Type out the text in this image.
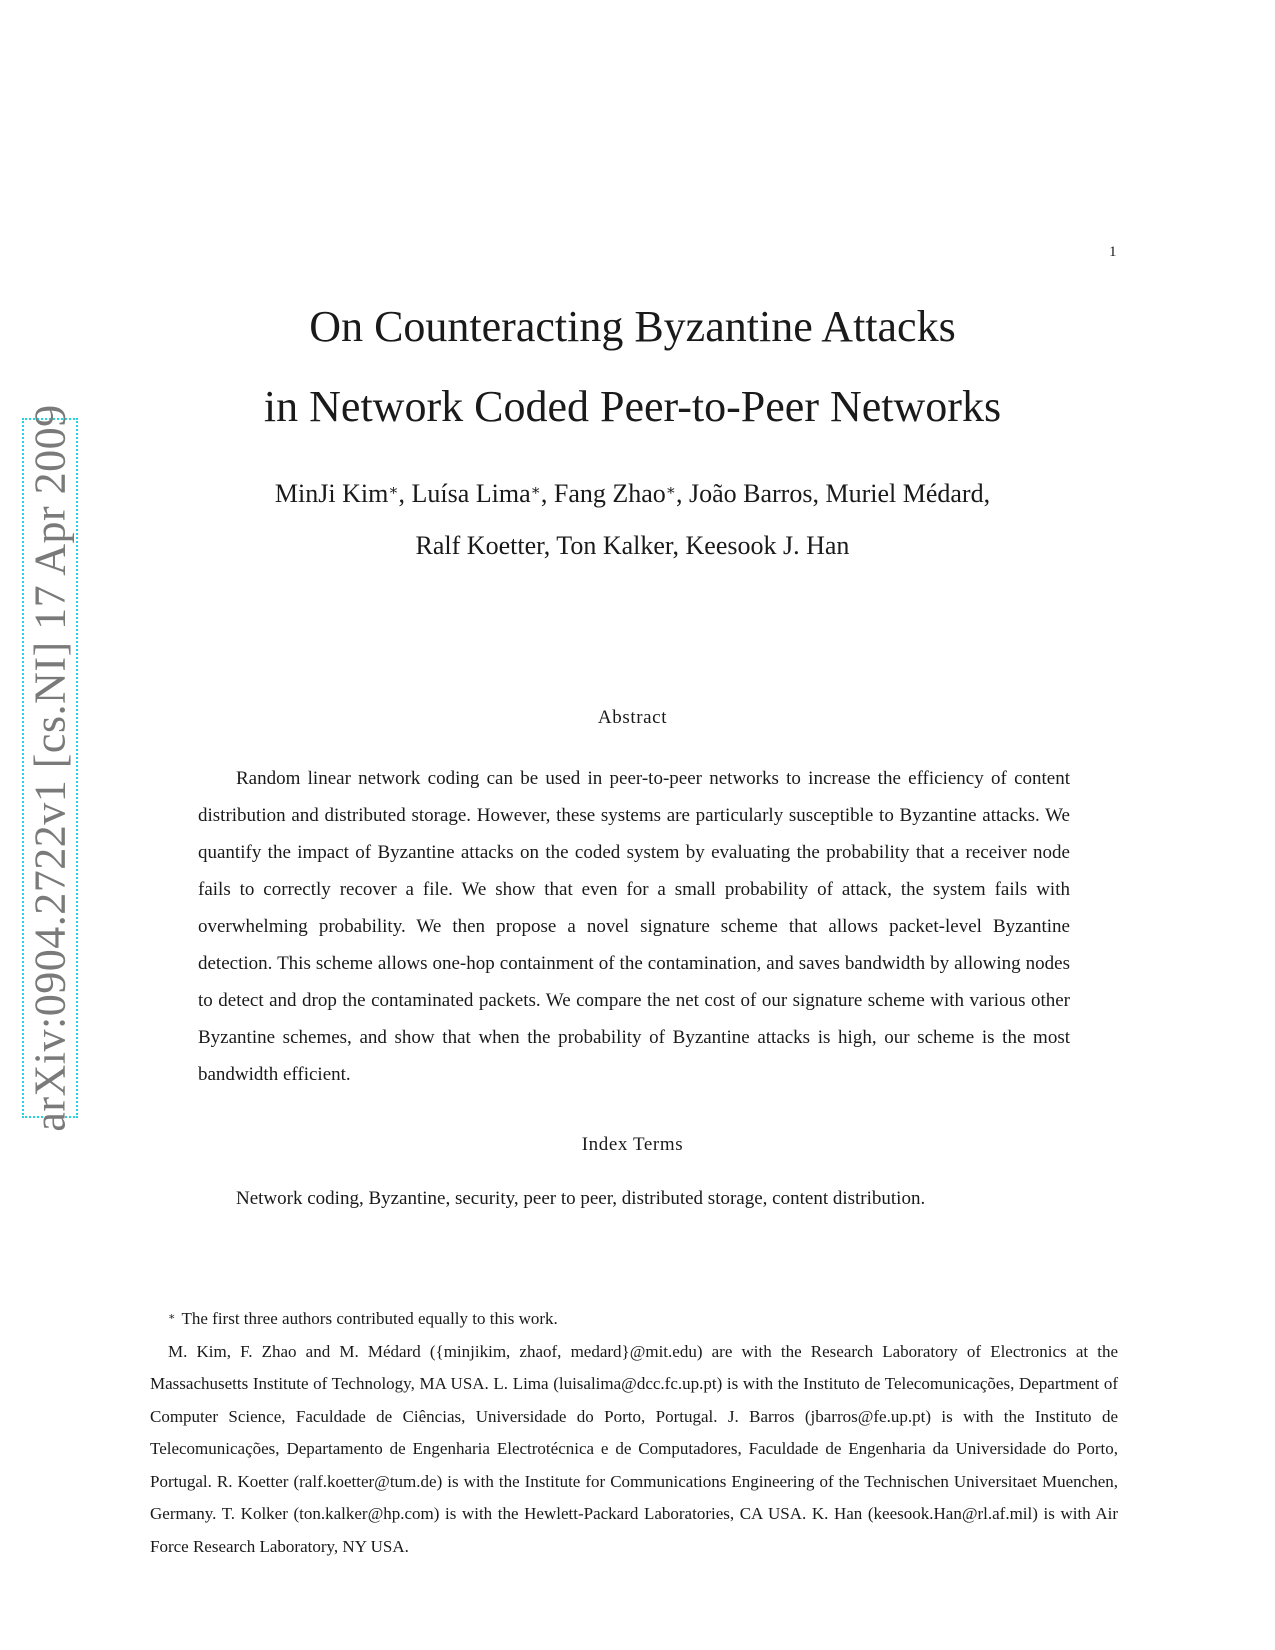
1
arXiv:0904.2722v1 [cs.NI] 17 Apr 2009
On Counteracting Byzantine Attacks
in Network Coded Peer-to-Peer Networks
MinJi Kim∗, Luísa Lima∗, Fang Zhao∗, João Barros, Muriel Médard,
Ralf Koetter, Ton Kalker, Keesook J. Han
Abstract

Random linear network coding can be used in peer-to-peer networks to increase the efficiency of content distribution and distributed storage. However, these systems are particularly susceptible to Byzantine attacks. We quantify the impact of Byzantine attacks on the coded system by evaluating the probability that a receiver node fails to correctly recover a file. We show that even for a small probability of attack, the system fails with overwhelming probability. We then propose a novel signature scheme that allows packet-level Byzantine detection. This scheme allows one-hop containment of the contamination, and saves bandwidth by allowing nodes to detect and drop the contaminated packets. We compare the net cost of our signature scheme with various other Byzantine schemes, and show that when the probability of Byzantine attacks is high, our scheme is the most bandwidth efficient.

Index Terms
Network coding, Byzantine, security, peer to peer, distributed storage, content distribution.

∗ The first three authors contributed equally to this work.

M. Kim, F. Zhao and M. Médard ({minjikim, zhaof, medard}@mit.edu) are with the Research Laboratory of Electronics at the Massachusetts Institute of Technology, MA USA. L. Lima (luisalima@dcc.fc.up.pt) is with the Instituto de Telecomunicações, Department of Computer Science, Faculdade de Ciências, Universidade do Porto, Portugal. J. Barros (jbarros@fe.up.pt) is with the Instituto de Telecomunicações, Departamento de Engenharia Electrotécnica e de Computadores, Faculdade de Engenharia da Universidade do Porto, Portugal. R. Koetter (ralf.koetter@tum.de) is with the Institute for Communications Engineering of the Technischen Universitaet Muenchen, Germany. T. Kolker (ton.kalker@hp.com) is with the Hewlett-Packard Laboratories, CA USA. K. Han (keesook.Han@rl.af.mil) is with Air Force Research Laboratory, NY USA.
